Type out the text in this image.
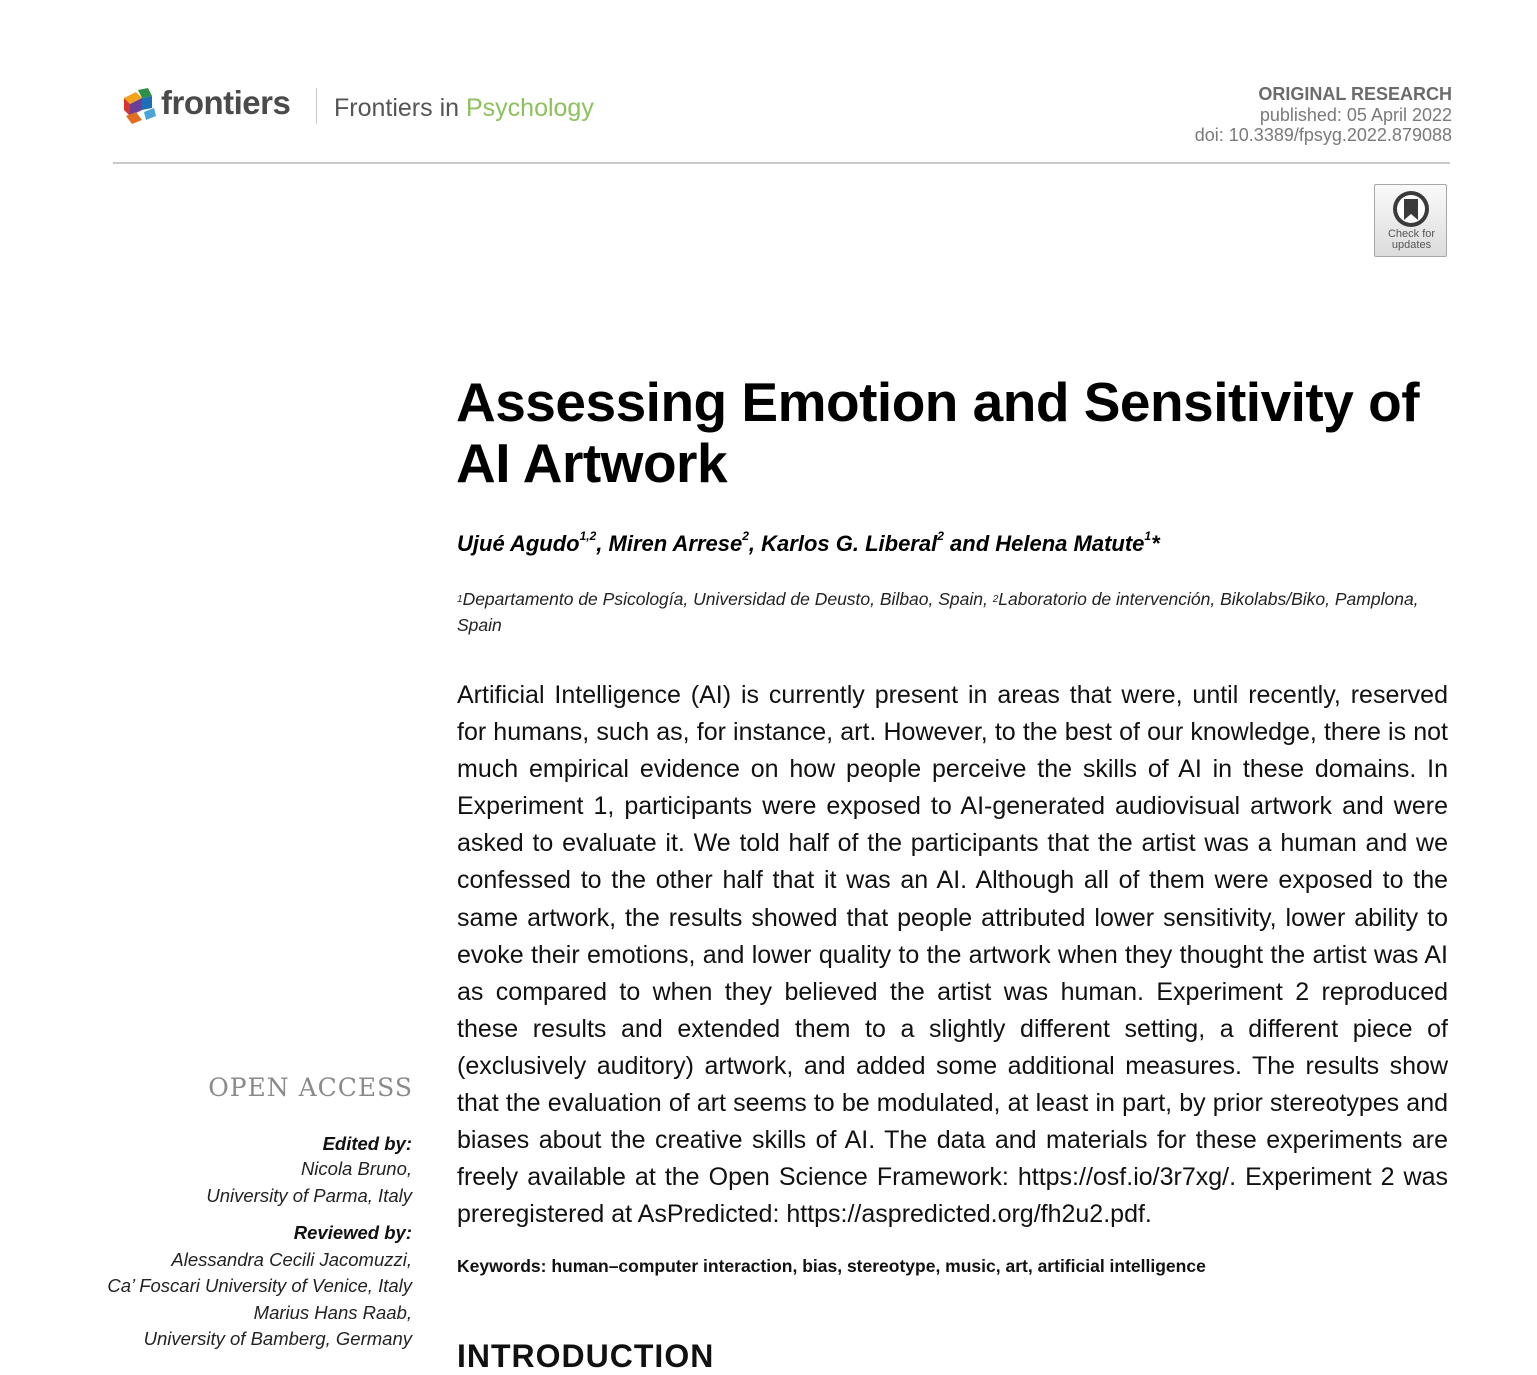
frontiers Frontiers in Psychology	ORIGINAL RESEARCH
published: 05 April 2022
doi: 10.3389/fpsyg.2022.879088
Check for
updates
Assessing Emotion and Sensitivity of
AI Artwork
Ujué Agudo$^{1,2}$, Miren Arrese$^2$, Karlos G. Liberal$^2$ and Helena Matute$^1$*
$^1$Departamento de Psicología, Universidad de Deusto, Bilbao, Spain, $^2$Laboratorio de intervención, Bikolabs/Biko, Pamplona, Spain

Artificial Intelligence (AI) is currently present in areas that were, until recently, reserved for humans, such as, for instance, art. However, to the best of our knowledge, there is not much empirical evidence on how people perceive the skills of AI in these domains. In Experiment 1, participants were exposed to AI-generated audiovisual artwork and were asked to evaluate it. We told half of the participants that the artist was a human and we confessed to the other half that it was an AI. Although all of them were exposed to the same artwork, the results showed that people attributed lower sensitivity, lower ability to evoke their emotions, and lower quality to the artwork when they thought the artist was AI as compared to when they believed the artist was human. Experiment 2 reproduced these results and extended them to a slightly different setting, a different piece of (exclusively auditory) artwork, and added some additional measures. The results show that the evaluation of art seems to be modulated, at least in part, by prior stereotypes and biases about the creative skills of AI. The data and materials for these experiments are freely available at the Open Science Framework: https://osf.io/3r7xg/. Experiment 2 was preregistered at AsPredicted: https://aspredicted.org/fh2u2.pdf.

Keywords: human–computer interaction, bias, stereotype, music, art, artificial intelligence
INTRODUCTION
OPEN ACCESS
Edited by:
Nicola Bruno,
University of Parma, Italy
Reviewed by:
Alessandra Cecili Jacomuzzi,
Ca’ Foscari University of Venice, Italy
Marius Hans Raab,
University of Bamberg, Germany
